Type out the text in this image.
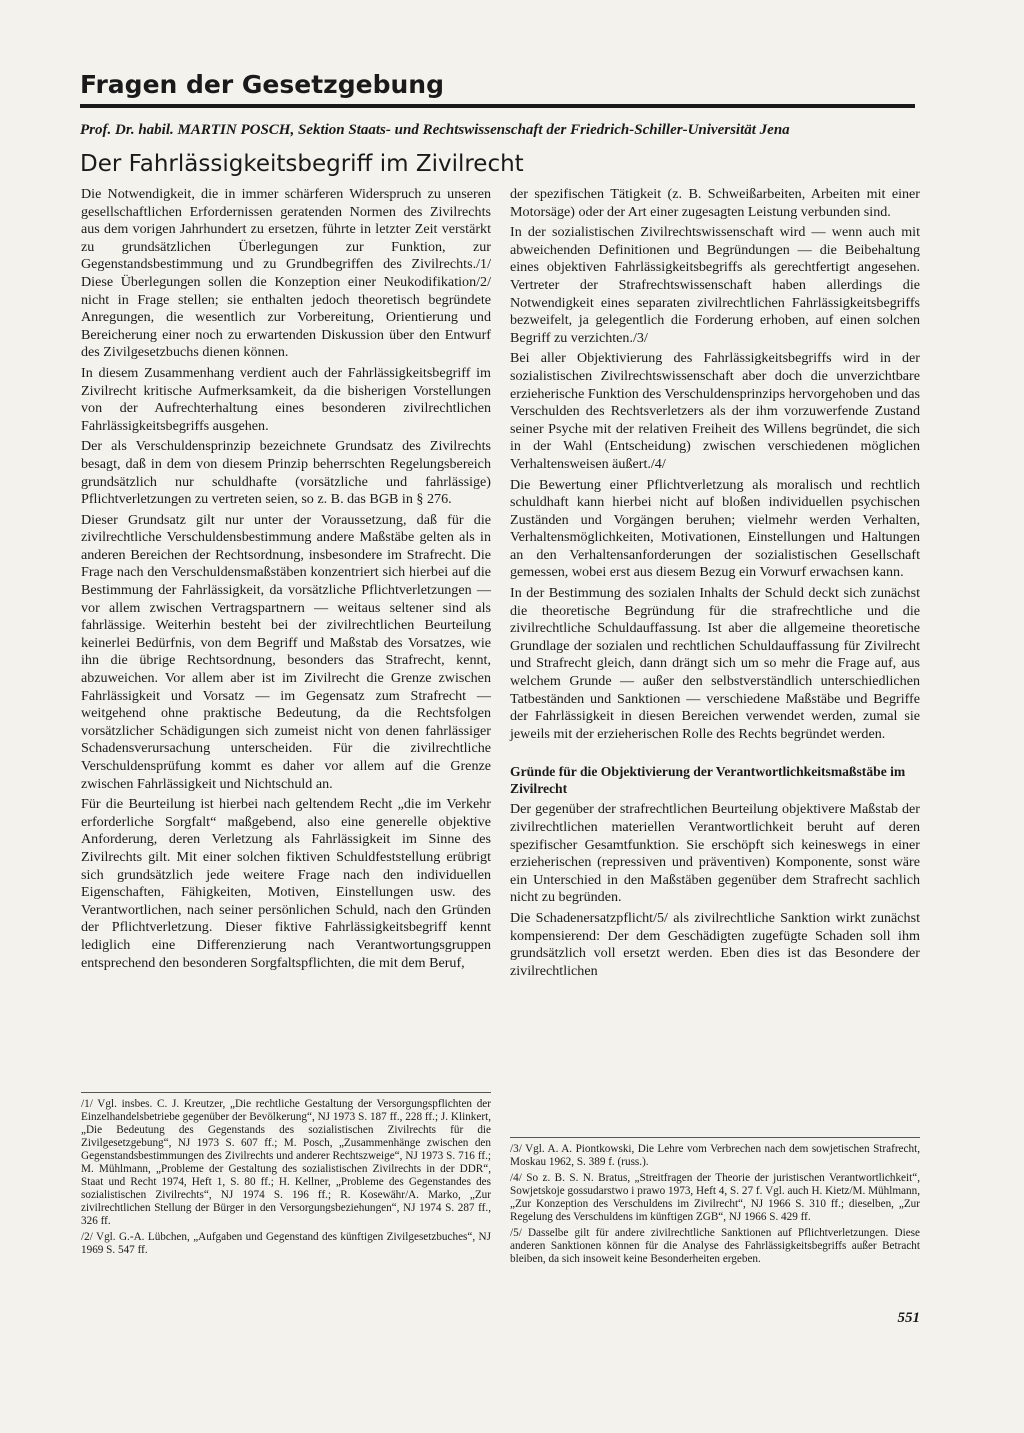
Fragen der Gesetzgebung
Prof. Dr. habil. MARTIN POSCH, Sektion Staats- und Rechtswissenschaft der Friedrich-Schiller-Universität Jena
Der Fahrlässigkeitsbegriff im Zivilrecht

Die Notwendigkeit, die in immer schärferen Widerspruch zu unseren gesellschaftlichen Erfordernissen geratenden Normen des Zivilrechts aus dem vorigen Jahrhundert zu ersetzen, führte in letzter Zeit verstärkt zu grundsätzlichen Überlegungen zur Funktion, zur Gegenstandsbestimmung und zu Grundbegriffen des Zivilrechts./1/ Diese Überlegungen sollen die Konzeption einer Neukodifikation/2/ nicht in Frage stellen; sie enthalten jedoch theoretisch begründete Anregungen, die wesentlich zur Vorbereitung, Orientierung und Bereicherung einer noch zu erwartenden Diskussion über den Entwurf des Zivilgesetzbuchs dienen können.

In diesem Zusammenhang verdient auch der Fahrlässigkeitsbegriff im Zivilrecht kritische Aufmerksamkeit, da die bisherigen Vorstellungen von der Aufrechterhaltung eines besonderen zivilrechtlichen Fahrlässigkeitsbegriffs ausgehen.

Der als Verschuldensprinzip bezeichnete Grundsatz des Zivilrechts besagt, daß in dem von diesem Prinzip beherrschten Regelungsbereich grundsätzlich nur schuldhafte (vorsätzliche und fahrlässige) Pflichtverletzungen zu vertreten seien, so z. B. das BGB in § 276.

Dieser Grundsatz gilt nur unter der Voraussetzung, daß für die zivilrechtliche Verschuldensbestimmung andere Maßstäbe gelten als in anderen Bereichen der Rechtsordnung, insbesondere im Strafrecht. Die Frage nach den Verschuldensmaßstäben konzentriert sich hierbei auf die Bestimmung der Fahrlässigkeit, da vorsätzliche Pflichtverletzungen — vor allem zwischen Vertragspartnern — weitaus seltener sind als fahrlässige. Weiterhin besteht bei der zivilrechtlichen Beurteilung keinerlei Bedürfnis, von dem Begriff und Maßstab des Vorsatzes, wie ihn die übrige Rechtsordnung, besonders das Strafrecht, kennt, abzuweichen. Vor allem aber ist im Zivilrecht die Grenze zwischen Fahrlässigkeit und Vorsatz — im Gegensatz zum Strafrecht — weitgehend ohne praktische Bedeutung, da die Rechtsfolgen vorsätzlicher Schädigungen sich zumeist nicht von denen fahrlässiger Schadensverursachung unterscheiden. Für die zivilrechtliche Verschuldensprüfung kommt es daher vor allem auf die Grenze zwischen Fahrlässigkeit und Nichtschuld an.

Für die Beurteilung ist hierbei nach geltendem Recht „die im Verkehr erforderliche Sorgfalt“ maßgebend, also eine generelle objektive Anforderung, deren Verletzung als Fahrlässigkeit im Sinne des Zivilrechts gilt. Mit einer solchen fiktiven Schuldfeststellung erübrigt sich grundsätzlich jede weitere Frage nach den individuellen Eigenschaften, Fähigkeiten, Motiven, Einstellungen usw. des Verantwortlichen, nach seiner persönlichen Schuld, nach den Gründen der Pflichtverletzung. Dieser fiktive Fahrlässigkeitsbegriff kennt lediglich eine Differenzierung nach Verantwortungsgruppen entsprechend den besonderen Sorgfaltspflichten, die mit dem Beruf,

der spezifischen Tätigkeit (z. B. Schweißarbeiten, Arbeiten mit einer Motorsäge) oder der Art einer zugesagten Leistung verbunden sind.

In der sozialistischen Zivilrechtswissenschaft wird — wenn auch mit abweichenden Definitionen und Begründungen — die Beibehaltung eines objektiven Fahrlässigkeitsbegriffs als gerechtfertigt angesehen. Vertreter der Strafrechtswissenschaft haben allerdings die Notwendigkeit eines separaten zivilrechtlichen Fahrlässigkeitsbegriffs bezweifelt, ja gelegentlich die Forderung erhoben, auf einen solchen Begriff zu verzichten./3/

Bei aller Objektivierung des Fahrlässigkeitsbegriffs wird in der sozialistischen Zivilrechtswissenschaft aber doch die unverzichtbare erzieherische Funktion des Verschuldensprinzips hervorgehoben und das Verschulden des Rechtsverletzers als der ihm vorzuwerfende Zustand seiner Psyche mit der relativen Freiheit des Willens begründet, die sich in der Wahl (Entscheidung) zwischen verschiedenen möglichen Verhaltensweisen äußert./4/

Die Bewertung einer Pflichtverletzung als moralisch und rechtlich schuldhaft kann hierbei nicht auf bloßen individuellen psychischen Zuständen und Vorgängen beruhen; vielmehr werden Verhalten, Verhaltensmöglichkeiten, Motivationen, Einstellungen und Haltungen an den Verhaltensanforderungen der sozialistischen Gesellschaft gemessen, wobei erst aus diesem Bezug ein Vorwurf erwachsen kann.

In der Bestimmung des sozialen Inhalts der Schuld deckt sich zunächst die theoretische Begründung für die strafrechtliche und die zivilrechtliche Schuldauffassung. Ist aber die allgemeine theoretische Grundlage der sozialen und rechtlichen Schuldauffassung für Zivilrecht und Strafrecht gleich, dann drängt sich um so mehr die Frage auf, aus welchem Grunde — außer den selbstverständlich unterschiedlichen Tatbeständen und Sanktionen — verschiedene Maßstäbe und Begriffe der Fahrlässigkeit in diesen Bereichen verwendet werden, zumal sie jeweils mit der erzieherischen Rolle des Rechts begründet werden.

Gründe für die Objektivierung der Verantwortlichkeitsmaßstäbe im Zivilrecht

Der gegenüber der strafrechtlichen Beurteilung objektivere Maßstab der zivilrechtlichen materiellen Verantwortlichkeit beruht auf deren spezifischer Gesamtfunktion. Sie erschöpft sich keineswegs in einer erzieherischen (repressiven und präventiven) Komponente, sonst wäre ein Unterschied in den Maßstäben gegenüber dem Strafrecht sachlich nicht zu begründen.

Die Schadenersatzpflicht/5/ als zivilrechtliche Sanktion wirkt zunächst kompensierend: Der dem Geschädigten zugefügte Schaden soll ihm grundsätzlich voll ersetzt werden. Eben dies ist das Besondere der zivilrechtlichen

/1/ Vgl. insbes. C. J. Kreutzer, „Die rechtliche Gestaltung der Versorgungspflichten der Einzelhandelsbetriebe gegenüber der Bevölkerung“, NJ 1973 S. 187 ff., 228 ff.; J. Klinkert, „Die Bedeutung des Gegenstands des sozialistischen Zivilrechts für die Zivilgesetzgebung“, NJ 1973 S. 607 ff.; M. Posch, „Zusammenhänge zwischen den Gegenstandsbestimmungen des Zivilrechts und anderer Rechtszweige“, NJ 1973 S. 716 ff.; M. Mühlmann, „Probleme der Gestaltung des sozialistischen Zivilrechts in der DDR“, Staat und Recht 1974, Heft 1, S. 80 ff.; H. Kellner, „Probleme des Gegenstandes des sozialistischen Zivilrechts“, NJ 1974 S. 196 ff.; R. Kosewähr/A. Marko, „Zur zivilrechtlichen Stellung der Bürger in den Versorgungsbeziehungen“, NJ 1974 S. 287 ff., 326 ff.

/2/ Vgl. G.-A. Lübchen, „Aufgaben und Gegenstand des künftigen Zivilgesetzbuches“, NJ 1969 S. 547 ff.

/3/ Vgl. A. A. Piontkowski, Die Lehre vom Verbrechen nach dem sowjetischen Strafrecht, Moskau 1962, S. 389 f. (russ.).

/4/ So z. B. S. N. Bratus, „Streitfragen der Theorie der juristischen Verantwortlichkeit“, Sowjetskoje gossudarstwo i prawo 1973, Heft 4, S. 27 f. Vgl. auch H. Kietz/M. Mühlmann, „Zur Konzeption des Verschuldens im Zivilrecht“, NJ 1966 S. 310 ff.; dieselben, „Zur Regelung des Verschuldens im künftigen ZGB“, NJ 1966 S. 429 ff.

/5/ Dasselbe gilt für andere zivilrechtliche Sanktionen auf Pflichtverletzungen. Diese anderen Sanktionen können für die Analyse des Fahrlässigkeitsbegriffs außer Betracht bleiben, da sich insoweit keine Besonderheiten ergeben.

551
